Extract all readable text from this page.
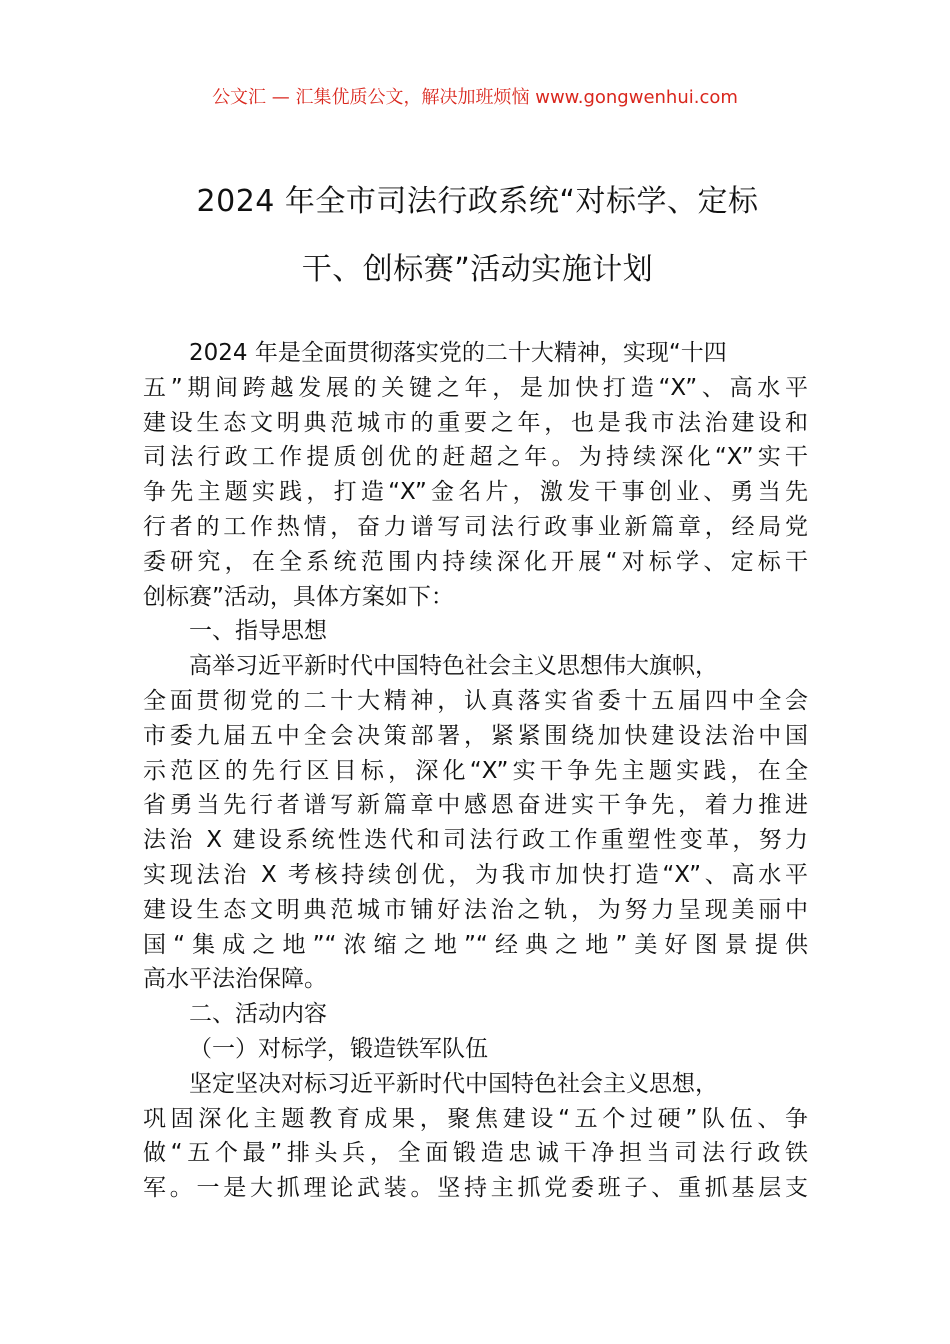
公文汇 — 汇集优质公文，解决加班烦恼 www.gongwenhui.com
2024 年全市司法行政系统“对标学、定标
干、创标赛”活动实施计划
2024 年是全面贯彻落实党的二十大精神，实现“十四
五”期间跨越发展的关键之年，是加快打造“X”、高水平
建设生态文明典范城市的重要之年，也是我市法治建设和
司法行政工作提质创优的赶超之年。为持续深化“X”实干
争先主题实践，打造“X”金名片，激发干事创业、勇当先
行者的工作热情，奋力谱写司法行政事业新篇章，经局党
委研究，在全系统范围内持续深化开展“对标学、定标干
创标赛”活动，具体方案如下：
一、指导思想
高举习近平新时代中国特色社会主义思想伟大旗帜，
全面贯彻党的二十大精神，认真落实省委十五届四中全会
市委九届五中全会决策部署，紧紧围绕加快建设法治中国
示范区的先行区目标，深化“X”实干争先主题实践，在全
省勇当先行者谱写新篇章中感恩奋进实干争先，着力推进
法治 X 建设系统性迭代和司法行政工作重塑性变革，努力
实现法治 X 考核持续创优，为我市加快打造“X”、高水平
建设生态文明典范城市铺好法治之轨，为努力呈现美丽中
国“集成之地”“浓缩之地”“经典之地”美好图景提供
高水平法治保障。
二、活动内容
（一）对标学，锻造铁军队伍
坚定坚决对标习近平新时代中国特色社会主义思想，
巩固深化主题教育成果，聚焦建设“五个过硬”队伍、争
做“五个最”排头兵，全面锻造忠诚干净担当司法行政铁
军。一是大抓理论武装。坚持主抓党委班子、重抓基层支
